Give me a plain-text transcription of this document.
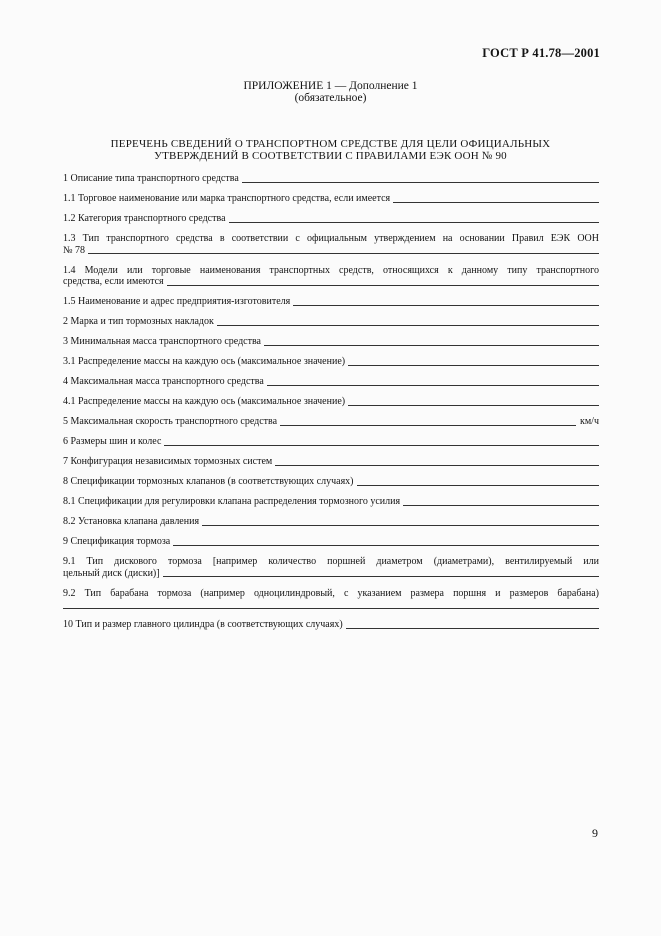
ГОСТ Р 41.78—2001
ПРИЛОЖЕНИЕ 1 — Дополнение 1
(обязательное)
ПЕРЕЧЕНЬ СВЕДЕНИЙ О ТРАНСПОРТНОМ СРЕДСТВЕ ДЛЯ ЦЕЛИ ОФИЦИАЛЬНЫХ
УТВЕРЖДЕНИЙ В СООТВЕТСТВИИ С ПРАВИЛАМИ ЕЭК ООН № 90
1 Описание типа транспортного средства
1.1 Торговое наименование или марка транспортного средства, если имеется
1.2 Категория транспортного средства
1.3 Тип транспортного средства в соответствии с официальным утверждением на основании Правил ЕЭК ООН
№ 78
1.4 Модели или торговые наименования транспортных средств, относящихся к данному типу транспортного
средства, если имеются
1.5 Наименование и адрес предприятия-изготовителя
2 Марка и тип тормозных накладок
3 Минимальная масса транспортного средства
3.1 Распределение массы на каждую ось (максимальное значение)
4 Максимальная масса транспортного средства
4.1 Распределение массы на каждую ось (максимальное значение)
5 Максимальная скорость транспортного средства	км/ч
6 Размеры шин и колес
7 Конфигурация независимых тормозных систем
8 Спецификации тормозных клапанов (в соответствующих случаях)
8.1 Спецификации для регулировки клапана распределения тормозного усилия
8.2 Установка клапана давления
9 Спецификация тормоза
9.1 Тип дискового тормоза [например количество поршней диаметром (диаметрами), вентилируемый или
цельный диск (диски)]
9.2 Тип барабана тормоза (например одноцилиндровый, с указанием размера поршня и размеров барабана)
10 Тип и размер главного цилиндра (в соответствующих случаях)
9
